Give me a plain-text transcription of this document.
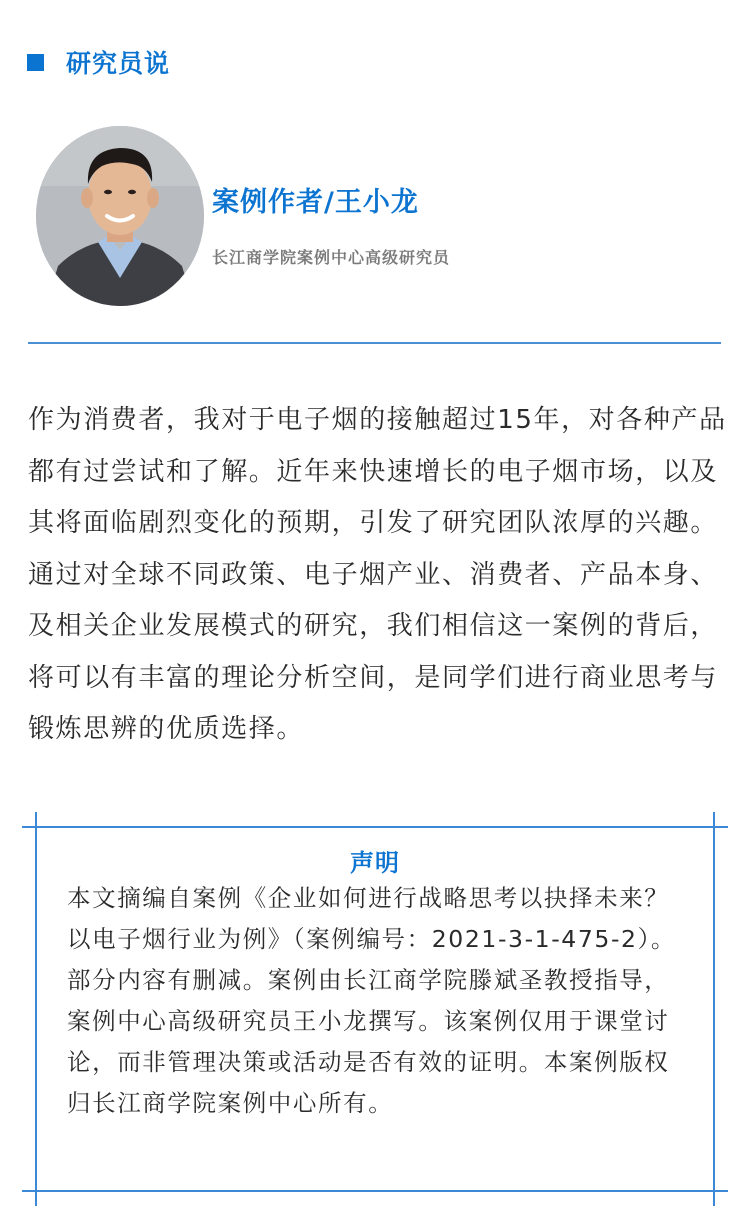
研究员说
案例作者/王小龙
长江商学院案例中心高级研究员

作为消费者，我对于电子烟的接触超过15年，对各种产品都有过尝试和了解。近年来快速增长的电子烟市场，以及其将面临剧烈变化的预期，引发了研究团队浓厚的兴趣。通过对全球不同政策、电子烟产业、消费者、产品本身、及相关企业发展模式的研究，我们相信这一案例的背后，将可以有丰富的理论分析空间，是同学们进行商业思考与锻炼思辨的优质选择。

声明

本文摘编自案例《企业如何进行战略思考以抉择未来？以电子烟行业为例》（案例编号：2021-3-1-475-2）。部分内容有删减。案例由长江商学院滕斌圣教授指导，案例中心高级研究员王小龙撰写。该案例仅用于课堂讨论，而非管理决策或活动是否有效的证明。本案例版权归长江商学院案例中心所有。
